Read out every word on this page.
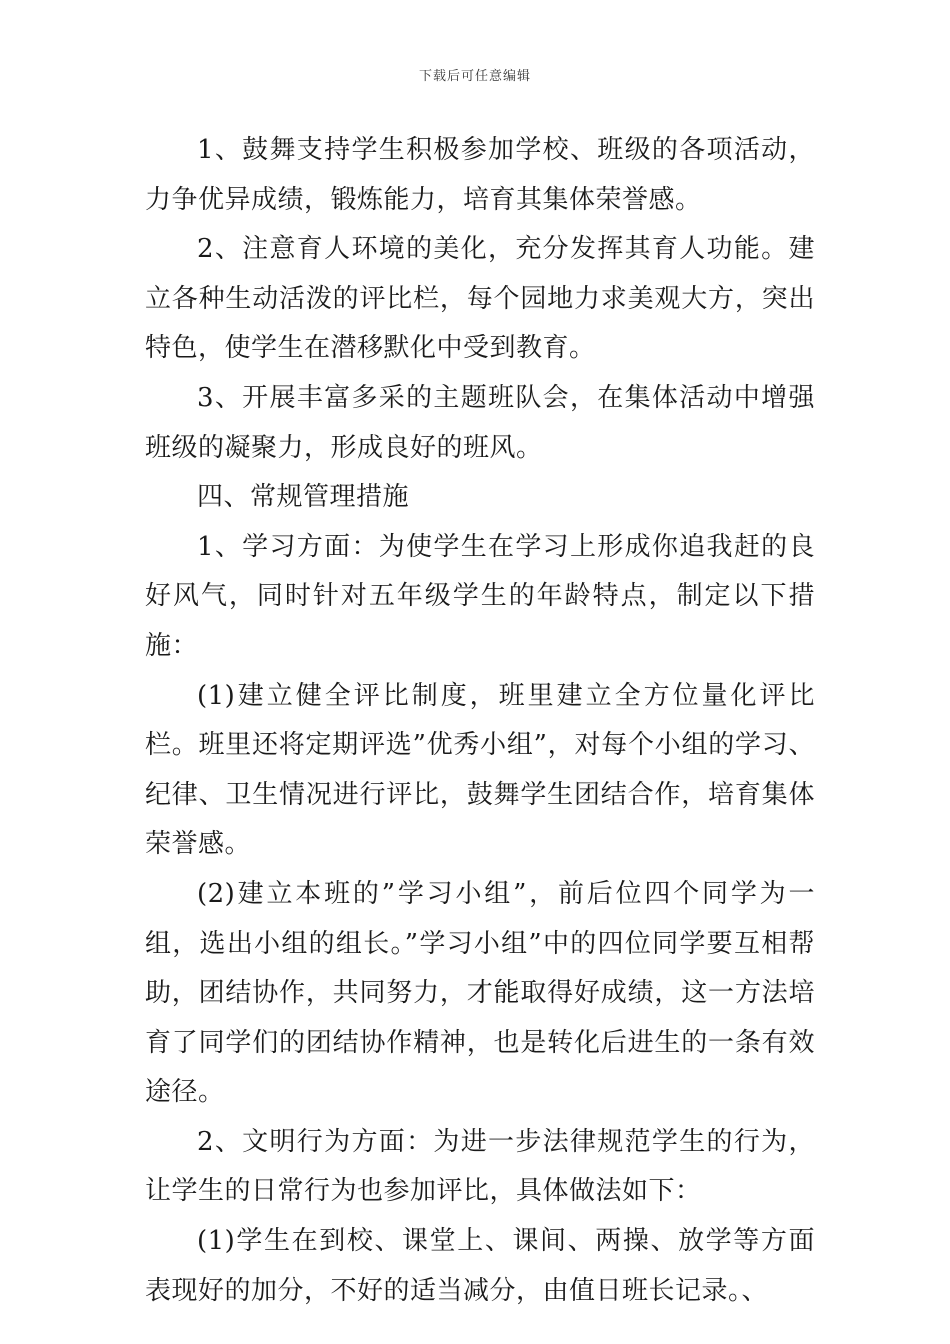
下载后可任意编辑

1、鼓舞支持学生积极参加学校、班级的各项活动，力争优异成绩，锻炼能力，培育其集体荣誉感。

2、注意育人环境的美化，充分发挥其育人功能。建立各种生动活泼的评比栏，每个园地力求美观大方，突出特色，使学生在潜移默化中受到教育。

3、开展丰富多采的主题班队会，在集体活动中增强班级的凝聚力，形成良好的班风。

四、常规管理措施

1、学习方面：为使学生在学习上形成你追我赶的良好风气，同时针对五年级学生的年龄特点，制定以下措施：

(1)建立健全评比制度，班里建立全方位量化评比栏。班里还将定期评选”优秀小组”，对每个小组的学习、纪律、卫生情况进行评比，鼓舞学生团结合作，培育集体荣誉感。

(2)建立本班的”学习小组”，前后位四个同学为一组，选出小组的组长。”学习小组”中的四位同学要互相帮助，团结协作，共同努力，才能取得好成绩，这一方法培育了同学们的团结协作精神，也是转化后进生的一条有效途径。

2、文明行为方面：为进一步法律规范学生的行为，让学生的日常行为也参加评比，具体做法如下：

(1)学生在到校、课堂上、课间、两操、放学等方面表现好的加分，不好的适当减分，由值日班长记录。、
